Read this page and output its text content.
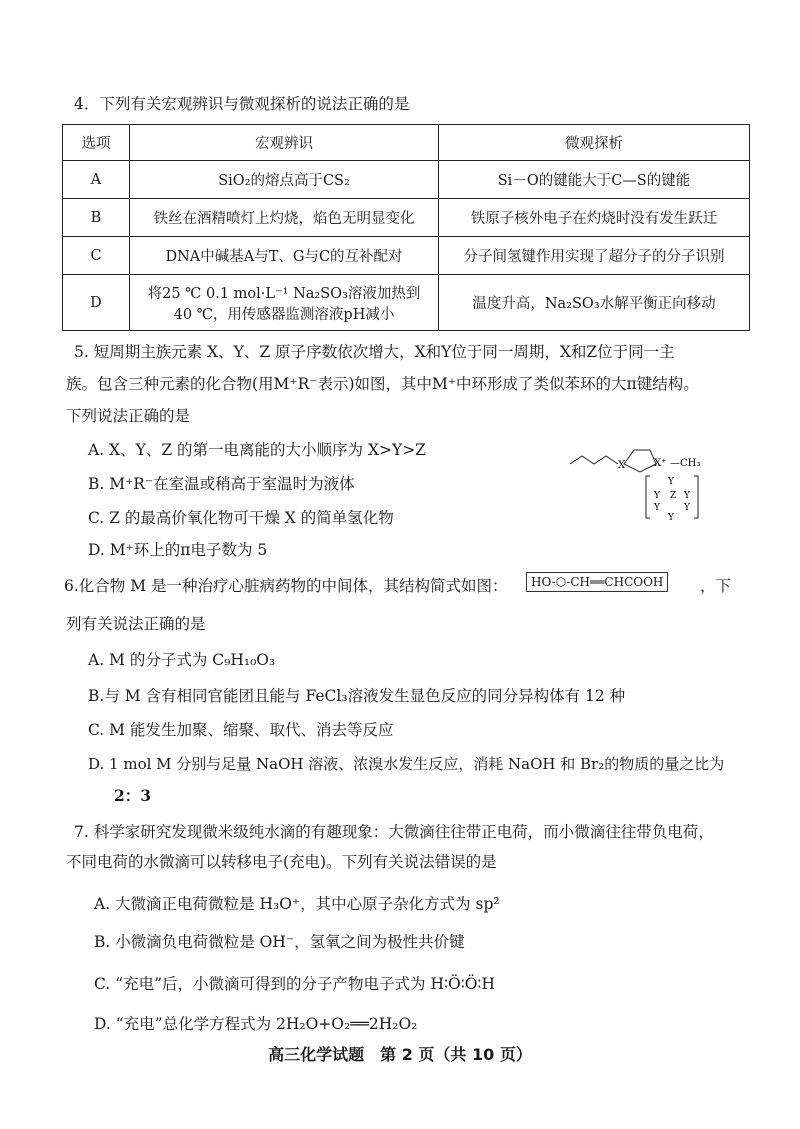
4．下列有关宏观辨识与微观探析的说法正确的是
选项	宏观辨识	微观探析
A	SiO₂的熔点高于CS₂	Si－O的键能大于C—S的键能
B	铁丝在酒精喷灯上灼烧，焰色无明显变化	铁原子核外电子在灼烧时没有发生跃迁
C	DNA中碱基A与T、G与C的互补配对	分子间氢键作用实现了超分子的分子识别
D	将25 ℃ 0.1 mol·L⁻¹ Na₂SO₃溶液加热到
40 ℃，用传感器监测溶液pH减小	温度升高，Na₂SO₃水解平衡正向移动
5. 短周期主族元素 X、Y、Z 原子序数依次增大，X和Y位于同一周期，X和Z位于同一主
族。包含三种元素的化合物(用M⁺R⁻表示)如图，其中M⁺中环形成了类似苯环的大π键结构。
下列说法正确的是
A. X、Y、Z 的第一电离能的大小顺序为 X>Y>Z
B. M⁺R⁻在室温或稍高于室温时为液体
C. Z 的最高价氧化物可干燥 X 的简单氢化物
D. M⁺环上的π电子数为 5
X	X⁺ —CH₃
Y
Y Z Y
Y	Y
Y
6.化合物 M 是一种治疗心脏病药物的中间体，其结构简式如图：	HO-⬡-CH══CHCOOH	，下
列有关说法正确的是
A. M 的分子式为 C₉H₁₀O₃
B.与 M 含有相同官能团且能与 FeCl₃溶液发生显色反应的同分异构体有 12 种
C. M 能发生加聚、缩聚、取代、消去等反应
D. 1 mol M 分别与足量 NaOH 溶液、浓溴水发生反应，消耗 NaOH 和 Br₂的物质的量之比为
2：3
7. 科学家研究发现微米级纯水滴的有趣现象：大微滴往往带正电荷，而小微滴往往带负电荷，
不同电荷的水微滴可以转移电子(充电)。下列有关说法错误的是
A. 大微滴正电荷微粒是 H₃O⁺，其中心原子杂化方式为 sp²
B. 小微滴负电荷微粒是 OH⁻，氢氧之间为极性共价键
C. “充电”后，小微滴可得到的分子产物电子式为 H∶Ö∶Ö∶H
D. “充电”总化学方程式为 2H₂O+O₂══2H₂O₂
高三化学试题　第 2 页（共 10 页）
